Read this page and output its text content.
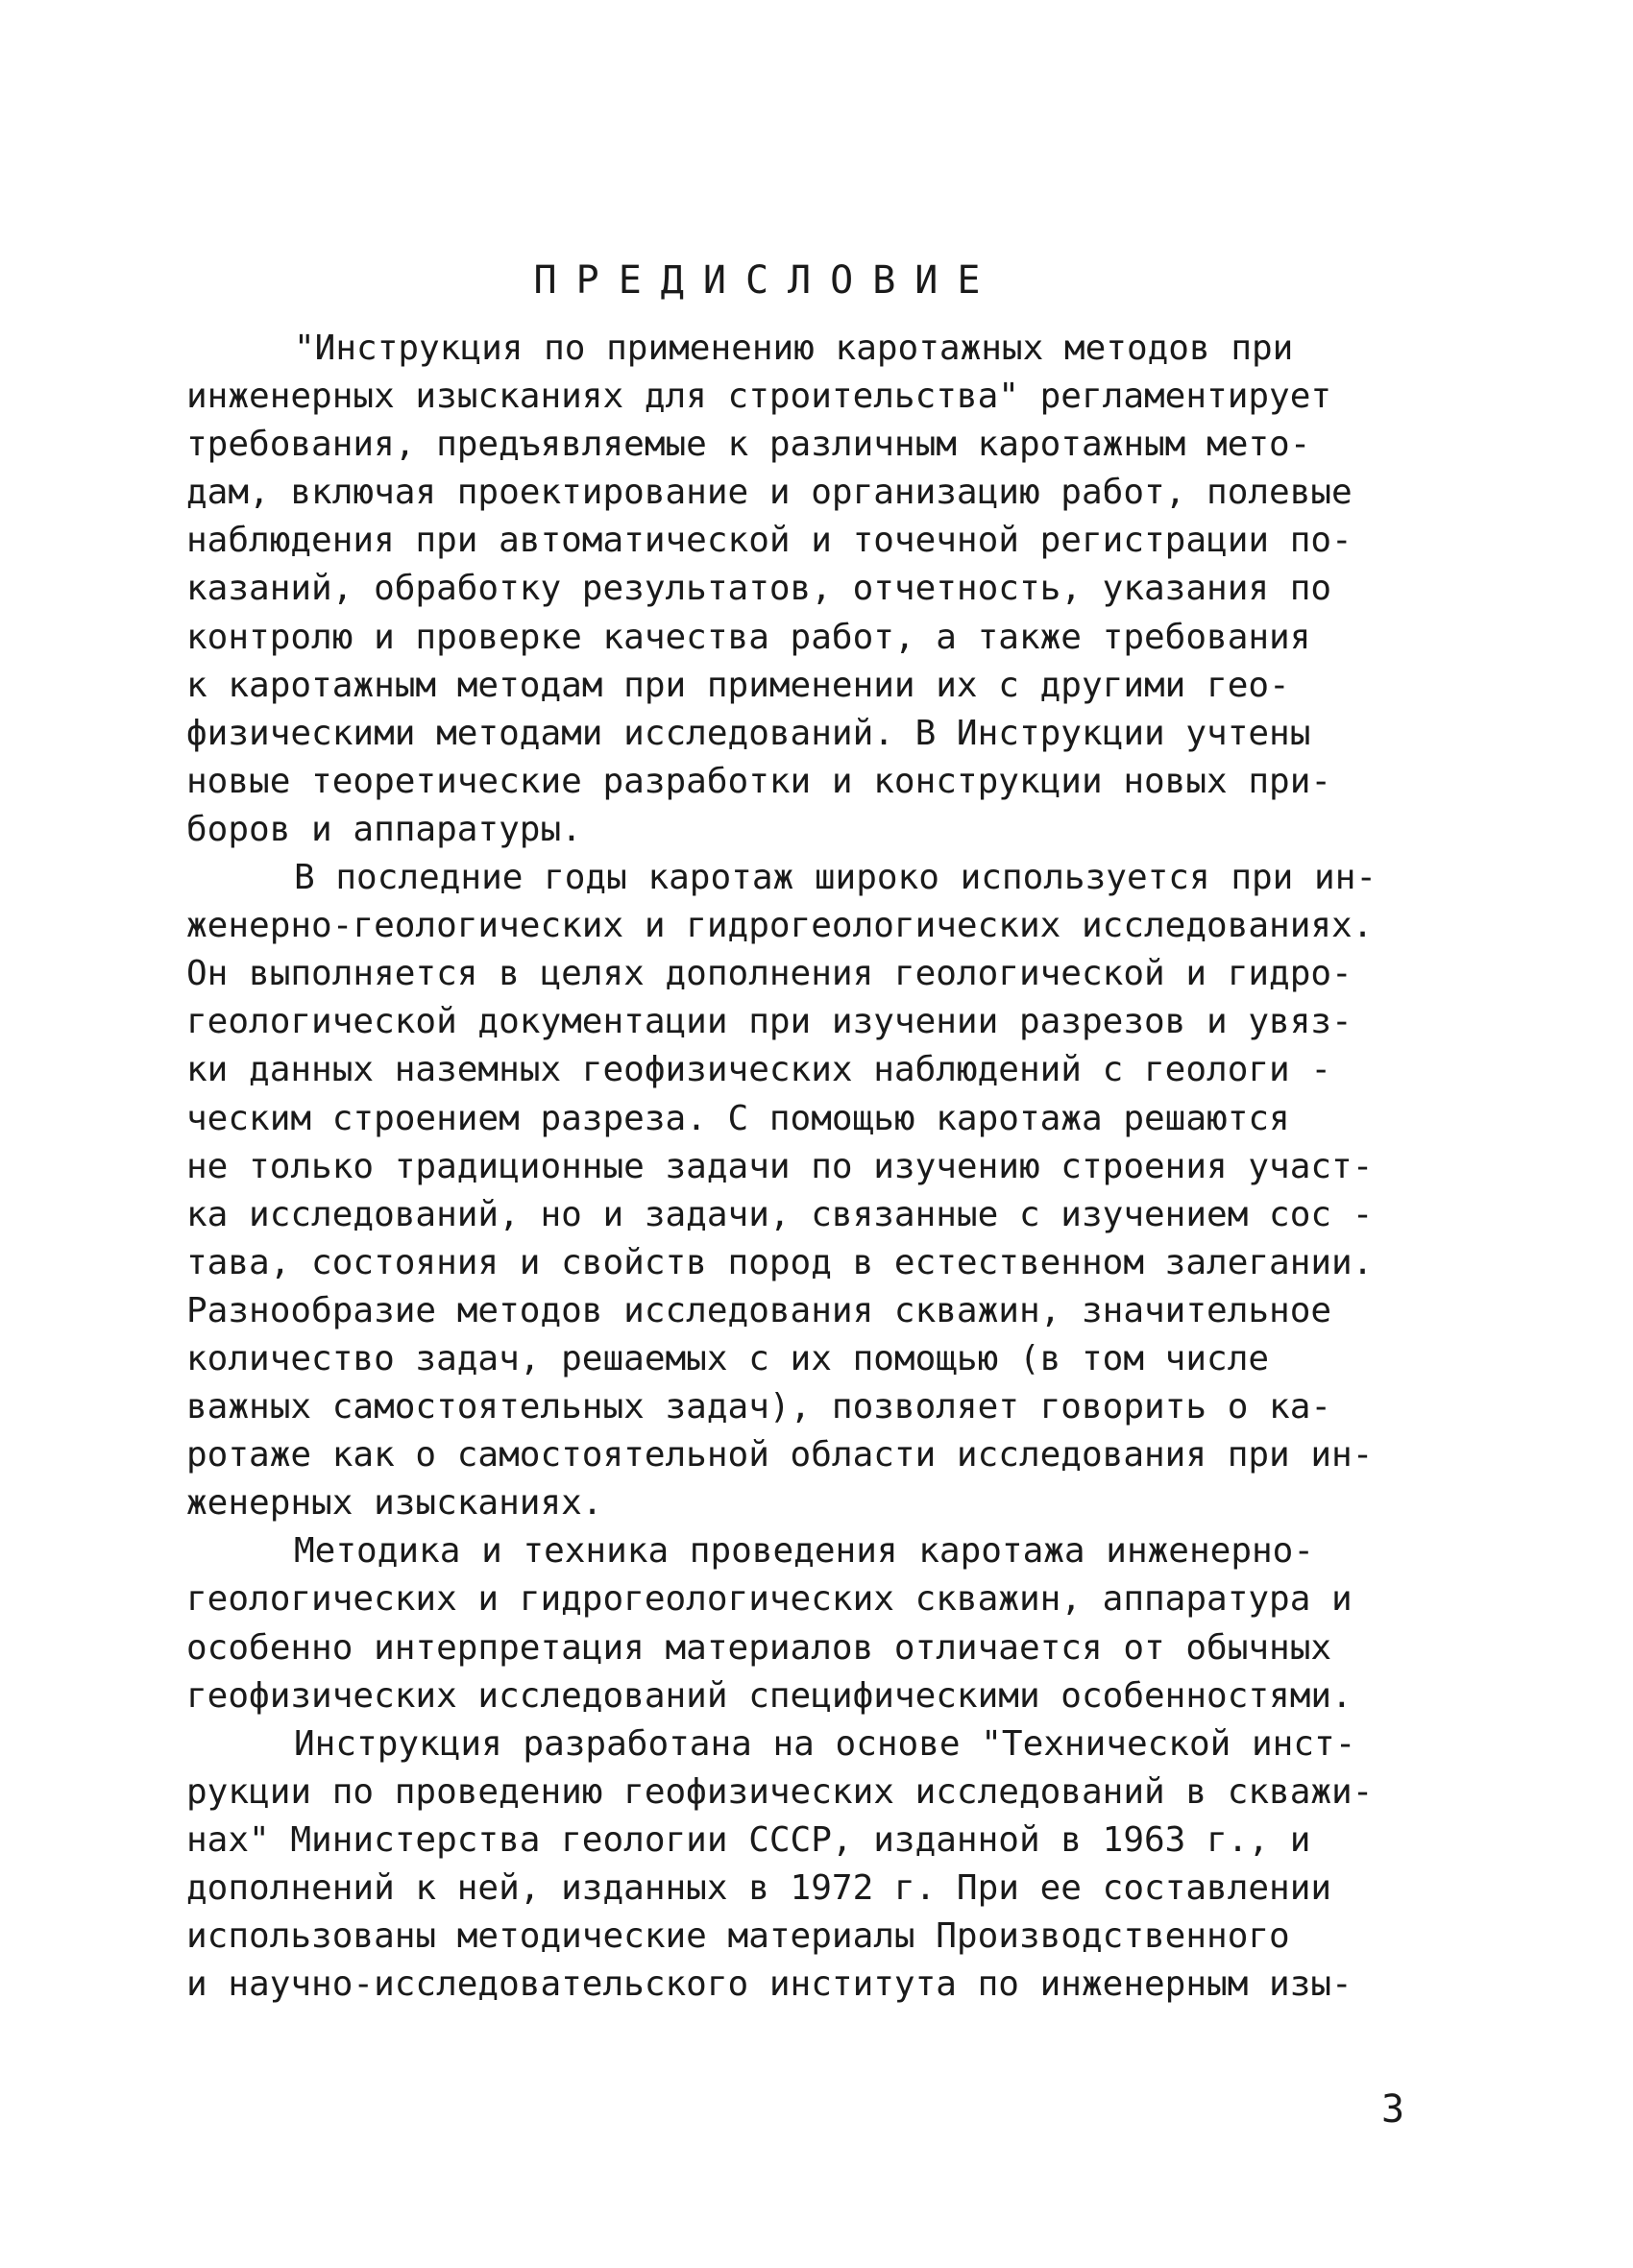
ПРЕДИСЛОВИЕ
"Инструкция по применению каротажных методов при
инженерных изысканиях для строительства" регламентирует
требования, предъявляемые к различным каротажным мето-
дам, включая проектирование и организацию работ, полевые
наблюдения при автоматической и точечной регистрации по-
казаний, обработку результатов, отчетность, указания по
контролю и проверке качества работ, а также требования
к каротажным методам при применении их с другими гео-
физическими методами исследований. В Инструкции учтены
новые теоретические разработки и конструкции новых при-
боров и аппаратуры.
В последние годы каротаж широко используется при ин-
женерно-геологических и гидрогеологических исследованиях.
Он выполняется в целях дополнения геологической и гидро-
геологической документации при изучении разрезов и увяз-
ки данных наземных геофизических наблюдений с геологи -
ческим строением разреза. С помощью каротажа решаются
не только традиционные задачи по изучению строения участ-
ка исследований, но и задачи, связанные с изучением сос -
тава, состояния и свойств пород в естественном залегании.
Разнообразие методов исследования скважин, значительное
количество задач, решаемых с их помощью (в том числе
важных самостоятельных задач), позволяет говорить о ка-
ротаже как о самостоятельной области исследования при ин-
женерных изысканиях.
Методика и техника проведения каротажа инженерно-
геологических и гидрогеологических скважин, аппаратура и
особенно интерпретация материалов отличается от обычных
геофизических исследований специфическими особенностями.
Инструкция разработана на основе "Технической инст-
рукции по проведению геофизических исследований в скважи-
нах" Министерства геологии СССР, изданной в 1963 г., и
дополнений к ней, изданных в 1972 г. При ее составлении
использованы методические материалы Производственного
и научно-исследовательского института по инженерным изы-
3
